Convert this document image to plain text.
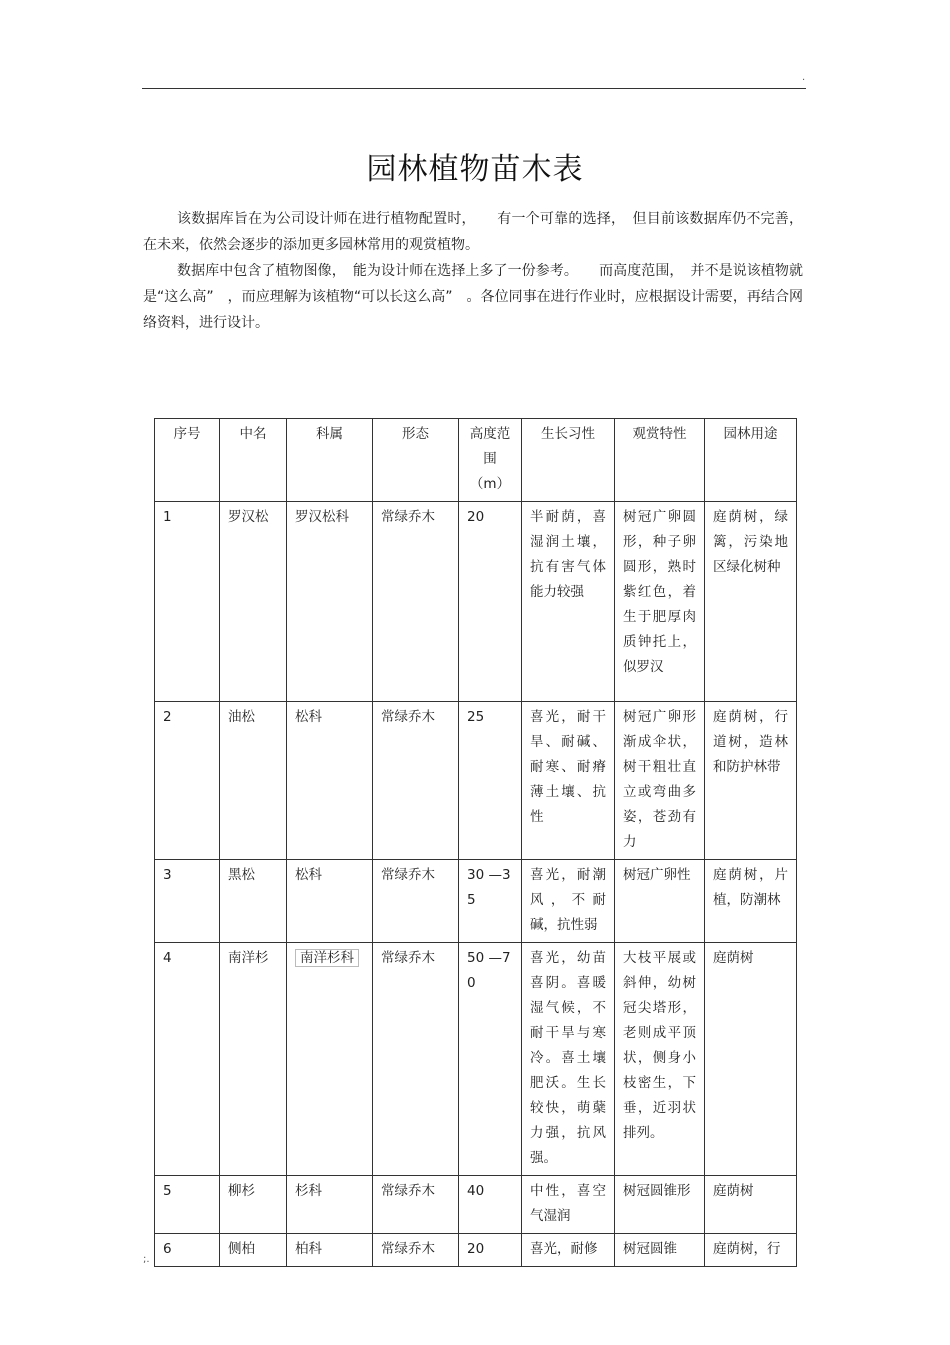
.
园林植物苗木表

该数据库旨在为公司设计师在进行植物配置时，　　有一个可靠的选择，　但目前该数据库仍不完善，在未来，依然会逐步的添加更多园林常用的观赏植物。

数据库中包含了植物图像，　能为设计师在选择上多了一份参考。　　而高度范围，　并不是说该植物就是“这么高”　，而应理解为该植物“可以长这么高”　。各位同事在进行作业时，应根据设计需要，再结合网络资料，进行设计。

序号	中名	科属	形态	高度范围（m）	生长习性	观赏特性	园林用途
1	罗汉松	罗汉松科	常绿乔木	20	半耐荫，喜湿润土壤，抗有害气体能力较强	树冠广卵圆形，种子卵圆形，熟时紫红色，着生于肥厚肉质钟托上，似罗汉	庭荫树，绿篱，污染地区绿化树种
2	油松	松科	常绿乔木	25	喜光，耐干旱、耐碱、耐寒、耐瘠薄土壤、抗性	树冠广卵形渐成伞状，树干粗壮直立或弯曲多姿，苍劲有力	庭荫树，行道树，造林和防护林带
3	黑松	松科	常绿乔木	30 —35	喜光，耐潮风，不耐碱，抗性弱	树冠广卵性	庭荫树，片植，防潮林
4	南洋杉	南洋杉科	常绿乔木	50 —70	喜光，幼苗喜阴。喜暖湿气候，不耐干旱与寒冷。喜土壤肥沃。生长较快，萌蘖力强，抗风强。	大枝平展或斜伸，幼树冠尖塔形，老则成平顶状，侧身小枝密生，下垂，近羽状排列。	庭荫树
5	柳杉	杉科	常绿乔木	40	中性，喜空气湿润	树冠圆锥形	庭荫树
6	侧柏	柏科	常绿乔木	20	喜光，耐修	树冠圆锥	庭荫树，行
;.
